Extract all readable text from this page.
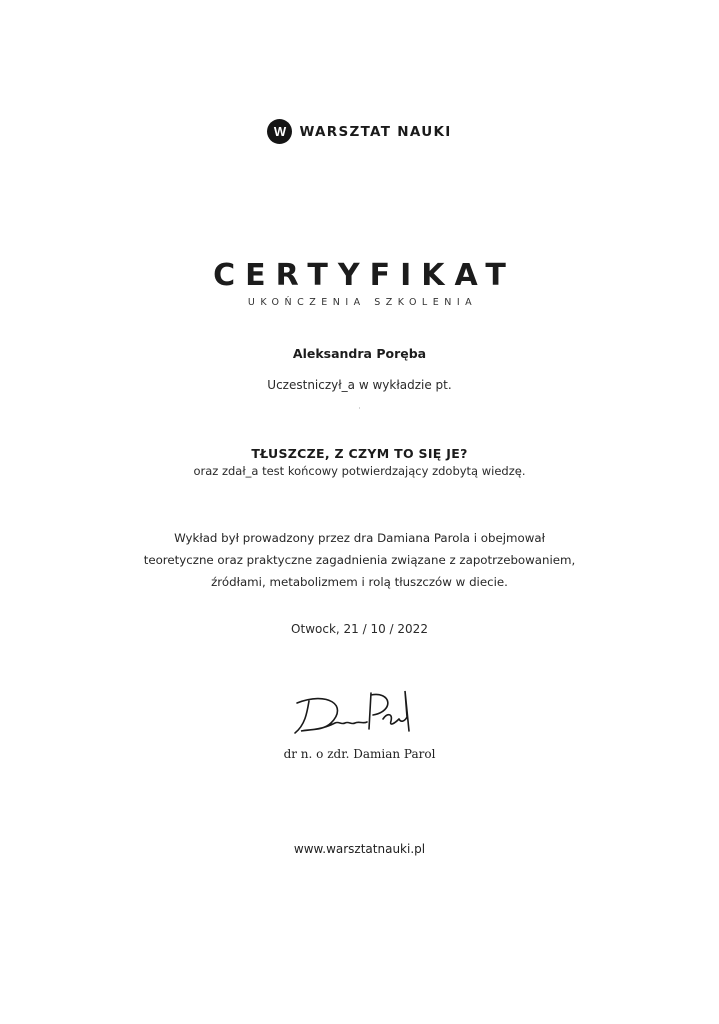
W WARSZTAT NAUKI
CERTYFIKAT
UKOŃCZENIA SZKOLENIA
Aleksandra Poręba
Uczestniczył_a w wykładzie pt.
·
TŁUSZCZE, Z CZYM TO SIĘ JE?
oraz zdał_a test końcowy potwierdzający zdobytą wiedzę.
Wykład był prowadzony przez dra Damiana Parola i obejmował
teoretyczne oraz praktyczne zagadnienia związane z zapotrzebowaniem,
źródłami, metabolizmem i rolą tłuszczów w diecie.
Otwock, 21 / 10 / 2022
dr n. o zdr. Damian Parol
www.warsztatnauki.pl
